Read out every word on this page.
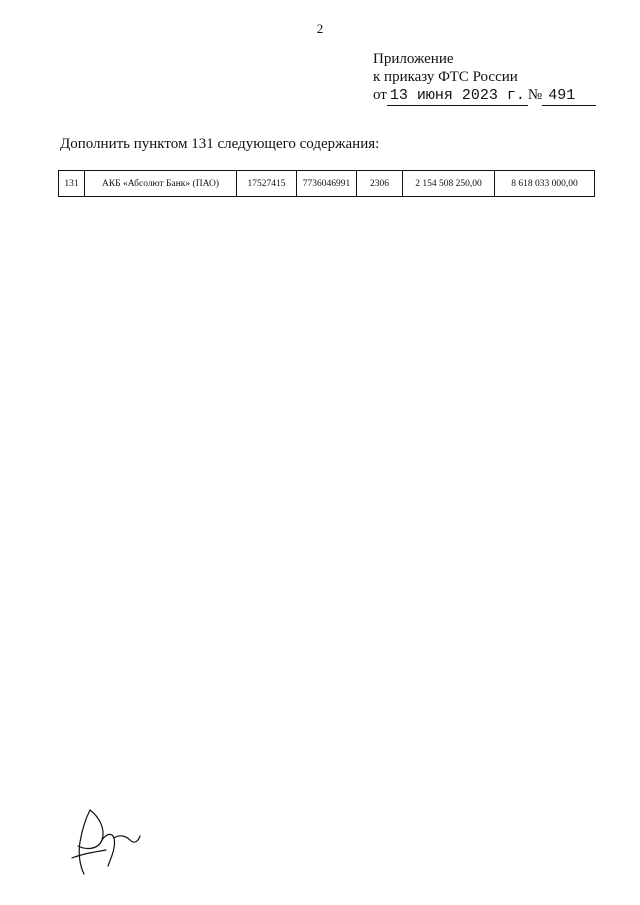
2
Приложение
к приказу ФТС России
от 13 июня 2023 г. № 491
Дополнить пунктом 131 следующего содержания:
131	АКБ «Абсолют Банк» (ПАО)	17527415	7736046991	2306	2 154 508 250,00	8 618 033 000,00
